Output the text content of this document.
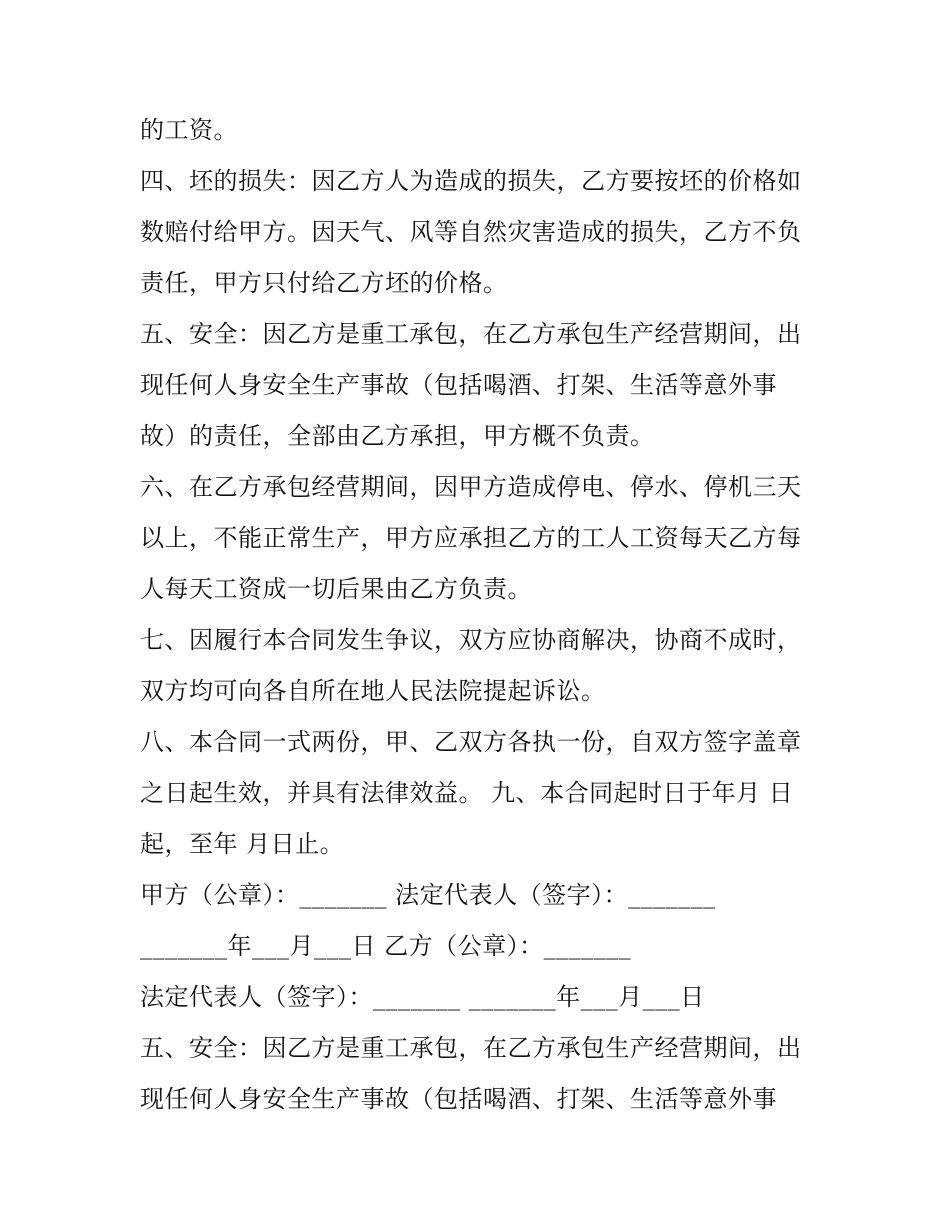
的工资。
四、坯的损失：因乙方人为造成的损失，乙方要按坯的价格如
数赔付给甲方。因天气、风等自然灾害造成的损失，乙方不负
责任，甲方只付给乙方坯的价格。
五、安全：因乙方是重工承包，在乙方承包生产经营期间，出
现任何人身安全生产事故（包括喝酒、打架、生活等意外事
故）的责任，全部由乙方承担，甲方概不负责。
六、在乙方承包经营期间，因甲方造成停电、停水、停机三天
以上，不能正常生产，甲方应承担乙方的工人工资每天乙方每
人每天工资成一切后果由乙方负责。
七、因履行本合同发生争议，双方应协商解决，协商不成时，
双方均可向各自所在地人民法院提起诉讼。
八、本合同一式两份，甲、乙双方各执一份，自双方签字盖章
之日起生效，并具有法律效益。 九、本合同起时日于年月 日
起，至年 月日止。
甲方（公章）：_______ 法定代表人（签字）：_______
_______年___月___日 乙方（公章）：_______
法定代表人（签字）：_______ _______年___月___日
五、安全：因乙方是重工承包，在乙方承包生产经营期间，出
现任何人身安全生产事故（包括喝酒、打架、生活等意外事
